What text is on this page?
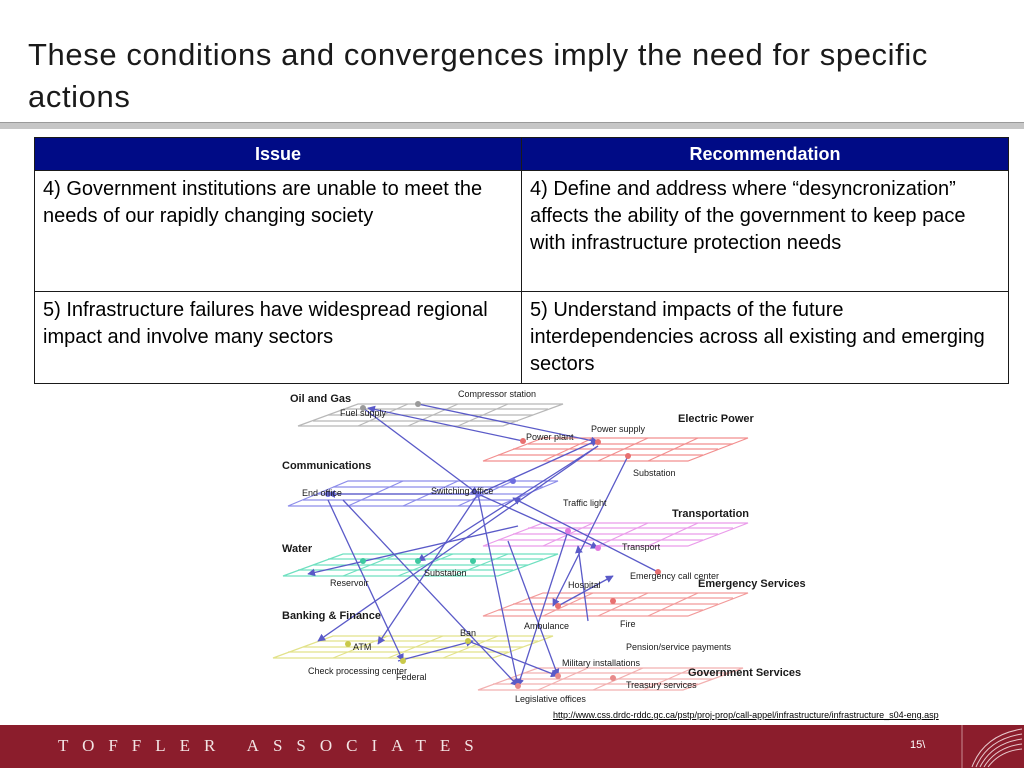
These conditions and convergences imply the need for specific actions
Issue	Recommendation
4) Government institutions are unable to meet the needs of our rapidly changing society	4) Define and address where “desyncronization” affects the ability of the government to keep pace with infrastructure protection needs
5) Infrastructure failures have widespread regional impact and involve many sectors	5) Understand impacts of the future interdependencies across all existing and emerging sectors
Oil and Gas
Electric Power
Communications
Transportation
Water
Emergency Services
Banking & Finance
Government Services
Compressor station
Fuel supply
Power plant
Power supply
Substation
End office	Switching office
Traffic light
Transport
Reservoir
Substation	Emergency call center
Hospital
Ambulance	Fire
ATM
Ban
Pension/service payments
Military installations
Check processing center
Federal
Treasury services
Legislative offices
http://www.css.drdc-rddc.gc.ca/pstp/proj-prop/call-appel/infrastructure/infrastructure_s04-eng.asp
TOFFLER ASSOCIATES	15\
